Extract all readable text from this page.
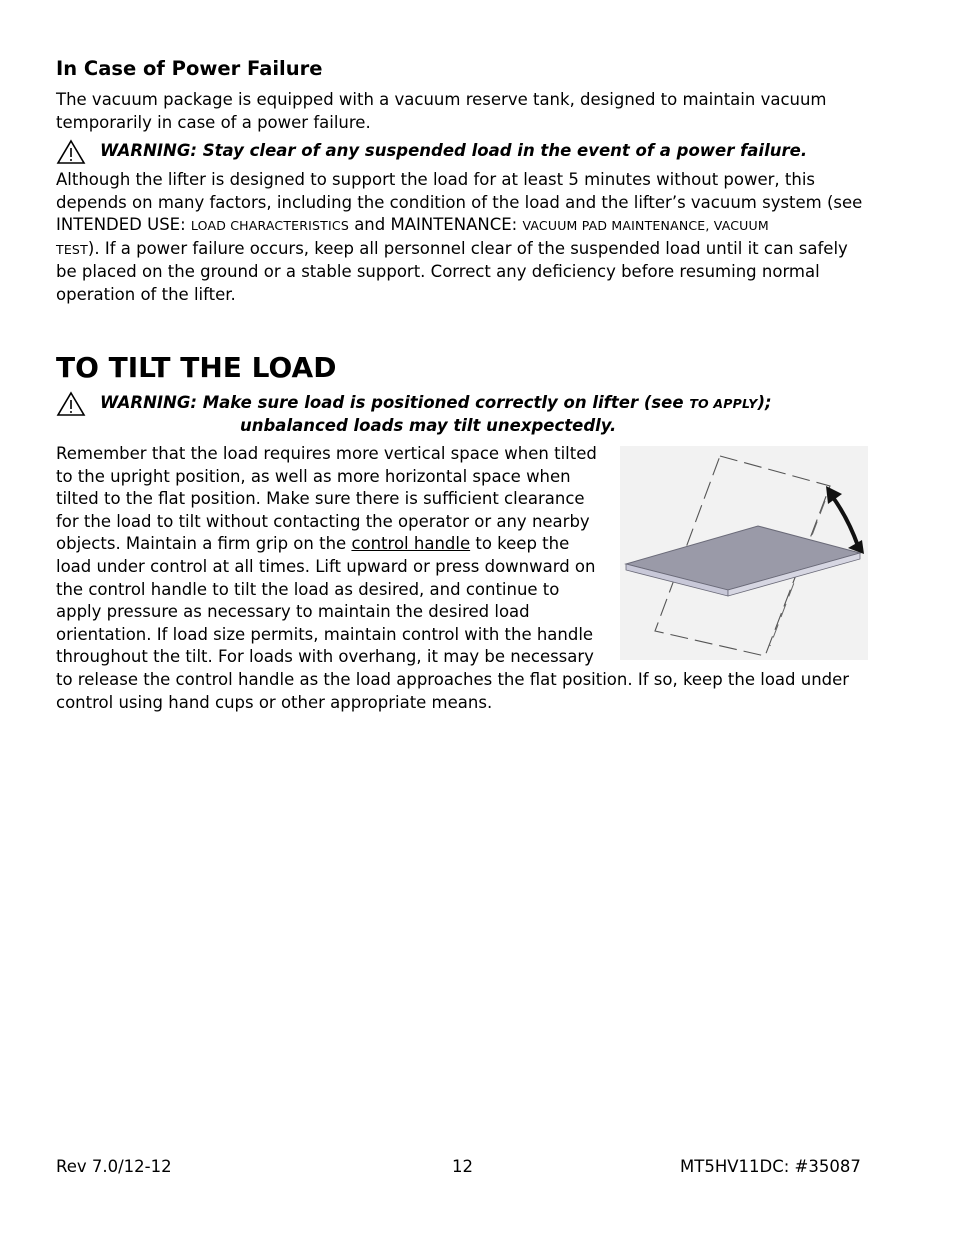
In Case of Power Failure
The vacuum package is equipped with a vacuum reserve tank, designed to maintain vacuum
temporarily in case of a power failure.
WARNING: Stay clear of any suspended load in the event of a power failure.
Although the lifter is designed to support the load for at least 5 minutes without power, this
depends on many factors, including the condition of the load and the lifter’s vacuum system (see
INTENDED USE: LOAD CHARACTERISTICS and MAINTENANCE: VACUUM PAD MAINTENANCE, VACUUM
TEST). If a power failure occurs, keep all personnel clear of the suspended load until it can safely
be placed on the ground or a stable support. Correct any deficiency before resuming normal
operation of the lifter.
TO TILT THE LOAD
WARNING: Make sure load is positioned correctly on lifter (see TO APPLY);
unbalanced loads may tilt unexpectedly.
Remember that the load requires more vertical space when tilted
to the upright position, as well as more horizontal space when
tilted to the flat position. Make sure there is sufficient clearance
for the load to tilt without contacting the operator or any nearby
objects. Maintain a firm grip on the control handle to keep the
load under control at all times. Lift upward or press downward on
the control handle to tilt the load as desired, and continue to
apply pressure as necessary to maintain the desired load
orientation. If load size permits, maintain control with the handle
throughout the tilt. For loads with overhang, it may be necessary
to release the control handle as the load approaches the flat position. If so, keep the load under
control using hand cups or other appropriate means.
Rev 7.0/12-12	12	MT5HV11DC: #35087
